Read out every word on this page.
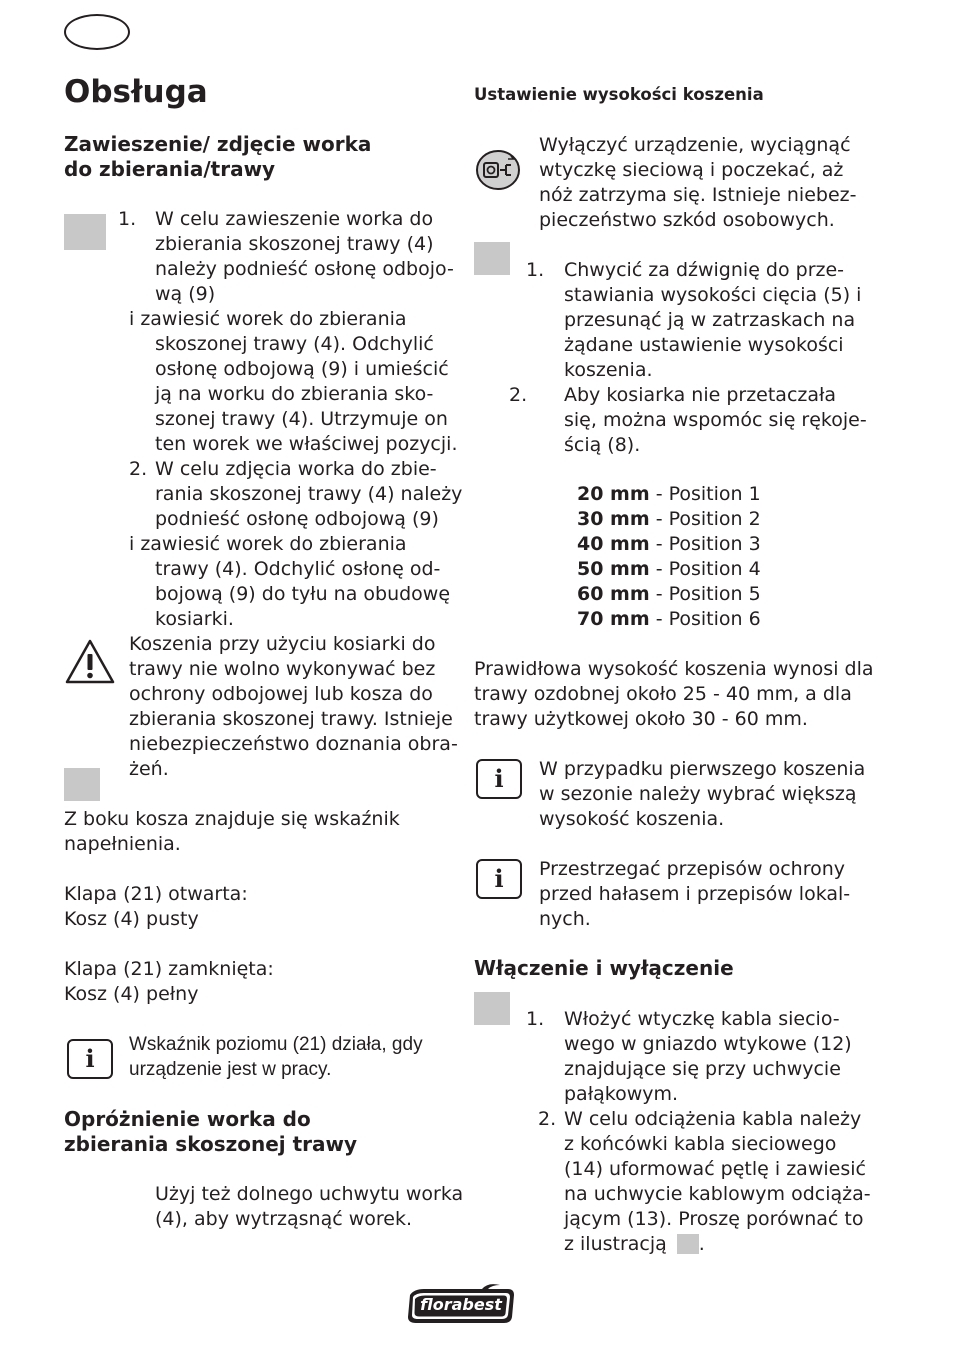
Obsługa
Zawieszenie/ zdjęcie worka
do zbierania/trawy
1. W celu zawieszenie worka do
zbierania skoszonej trawy (4)
należy podnieść osłonę odbojo-
wą (9)
i zawiesić worek do zbierania
skoszonej trawy (4). Odchylić
osłonę odbojową (9) i umieścić
ją na worku do zbierania sko-
szonej trawy (4). Utrzymuje on
ten worek we właściwej pozycji.
2. W celu zdjęcia worka do zbie-
rania skoszonej trawy (4) należy
podnieść osłonę odbojową (9)
i zawiesić worek do zbierania
trawy (4). Odchylić osłonę od-
bojową (9) do tyłu na obudowę
kosiarki.
Koszenia przy użyciu kosiarki do
trawy nie wolno wykonywać bez
ochrony odbojowej lub kosza do
zbierania skoszonej trawy. Istnieje
niebezpieczeństwo doznania obra-
żeń.
Z boku kosza znajduje się wskaźnik
napełnienia.
Klapa (21) otwarta:
Kosz (4) pusty
Klapa (21) zamknięta:
Kosz (4) pełny
i	Wskaźnik poziomu (21) działa, gdy
urządzenie jest w pracy.
Opróżnienie worka do
zbierania skoszonej trawy
Użyj też dolnego uchwytu worka
(4), aby wytrząsnąć worek.
Ustawienie wysokości koszenia
Wyłączyć urządzenie, wyciągnąć
wtyczkę sieciową i poczekać, aż
nóż zatrzyma się. Istnieje niebez-
pieczeństwo szkód osobowych.
1. Chwycić za dźwignię do prze-
stawiania wysokości cięcia (5) i
przesunąć ją w zatrzaskach na
żądane ustawienie wysokości
koszenia.
2. Aby kosiarka nie przetaczała
się, można wspomóc się rękoje-
ścią (8).
20 mm - Position 1
30 mm - Position 2
40 mm - Position 3
50 mm - Position 4
60 mm - Position 5
70 mm - Position 6
Prawidłowa wysokość koszenia wynosi dla
trawy ozdobnej około 25 - 40 mm, a dla
trawy użytkowej około 30 - 60 mm.
i	W przypadku pierwszego koszenia
w sezonie należy wybrać większą
wysokość koszenia.
i	Przestrzegać przepisów ochrony
przed hałasem i przepisów lokal-
nych.
Włączenie i wyłączenie
1. Włożyć wtyczkę kabla siecio-
wego w gniazdo wtykowe (12)
znajdujące się przy uchwycie
pałąkowym.
2. W celu odciążenia kabla należy
z końcówki kabla sieciowego
(14) uformować pętlę i zawiesić
na uchwycie kablowym odciąża-
jącym (13). Proszę porównać to
z ilustracją .
florabest
